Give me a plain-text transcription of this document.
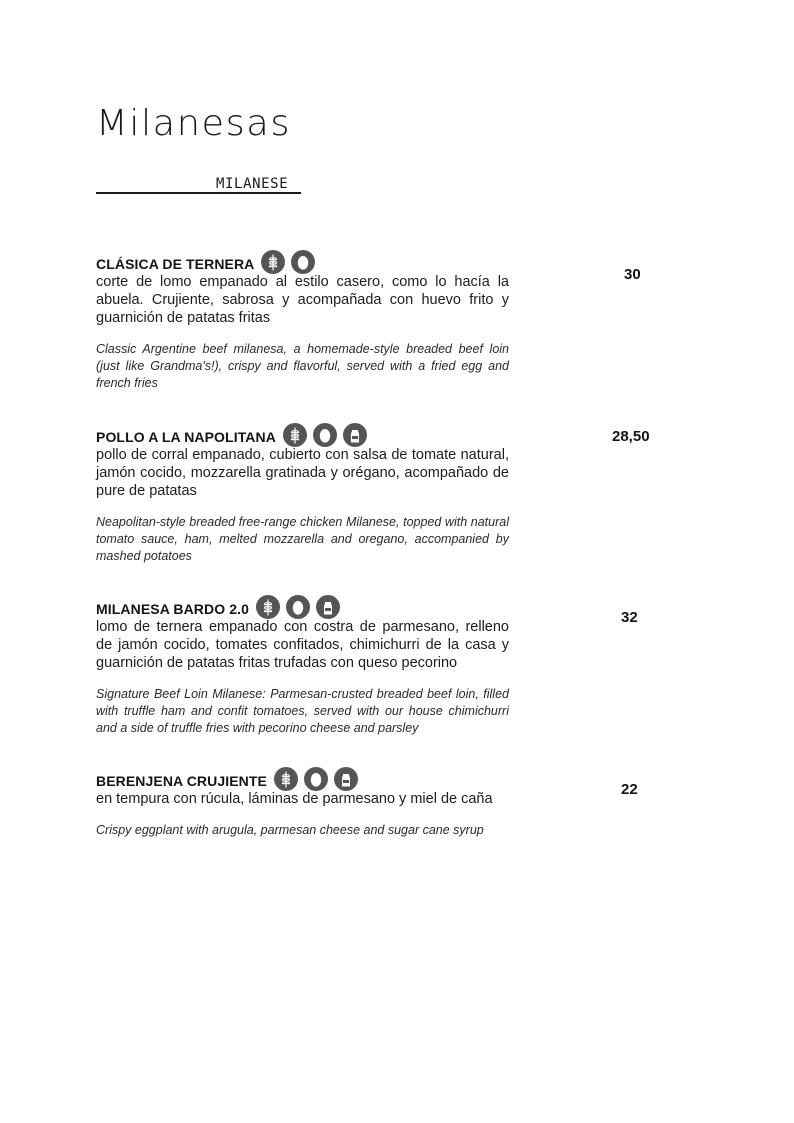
Milanesas
MILANESE
CLÁSICA DE TERNERA

corte de lomo empanado al estilo casero, como lo hacía la abuela. Crujiente, sabrosa y acompañada con huevo frito y guarnición de patatas fritas

Classic Argentine beef milanesa, a homemade-style breaded beef loin (just like Grandma's!), crispy and flavorful, served with a fried egg and french fries

30
POLLO A LA NAPOLITANA

pollo de corral empanado, cubierto con salsa de tomate natural, jamón cocido, mozzarella gratinada y orégano, acompañado de pure de patatas

Neapolitan-style breaded free-range chicken Milanese, topped with natural tomato sauce, ham, melted mozzarella and oregano, accompanied by mashed potatoes

28,50
MILANESA BARDO 2.0

lomo de ternera empanado con costra de parmesano, relleno de jamón cocido, tomates confitados, chimichurri de la casa y guarnición de patatas fritas trufadas con queso pecorino

Signature Beef Loin Milanese: Parmesan-crusted breaded beef loin, filled with truffle ham and confit tomatoes, served with our house chimichurri and a side of truffle fries with pecorino cheese and parsley

32
BERENJENA CRUJIENTE

en tempura con rúcula, láminas de parmesano y miel de caña

Crispy eggplant with arugula, parmesan cheese and sugar cane syrup

22
